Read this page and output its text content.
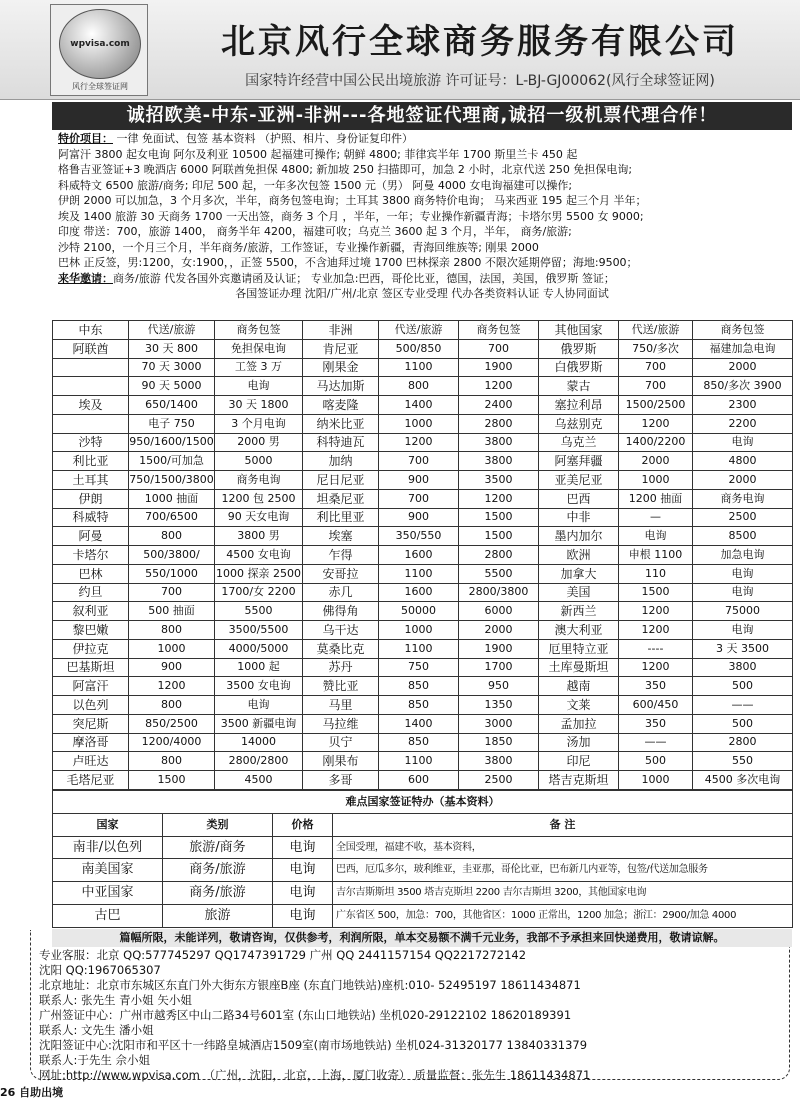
wpvisa.com
风行全球签证网
北京风行全球商务服务有限公司
国家特许经营中国公民出境旅游 许可证号：L-BJ-GJ00062(风行全球签证网)
诚招欧美-中东-亚洲-非洲---各地签证代理商,诚招一级机票代理合作！
特价项目： 一律 免面试、包签 基本资料 （护照、相片、身份证复印件）
阿富汗 3800 起女电询 阿尔及利亚 10500 起福建可操作; 朝鲜 4800; 菲律宾半年 1700 斯里兰卡 450 起
格鲁吉亚签证+3 晚酒店 6000 阿联酋免担保 4800; 新加坡 250 扫描即可，加急 2 小时，北京代送 250 免担保电询;
科威特文 6500 旅游/商务; 印尼 500 起，一年多次包签 1500 元（男） 阿曼 4000 女电询福建可以操作;
伊朗 2000 可以加急，3 个月多次，半年，商务包签电询；土耳其 3800 商务特价电询； 马来西亚 195 起三个月 半年；
埃及 1400 旅游 30 天商务 1700 一天出签，商务 3 个月 ，半年，一年；专业操作新疆青海；卡塔尔男 5500 女 9000;
印度 带送：700，旅游 1400， 商务半年 4200，福建可收；乌克兰 3600 起 3 个月，半年， 商务/旅游;
沙特 2100，一个月三个月，半年商务/旅游，工作签证，专业操作新疆，青海回维族等; 刚果 2000
巴林 正反签，男:1200，女:1900，，正签 5500，不含迪拜过境 1700 巴林探亲 2800 不限次延期停留；海地:9500；
来华邀请：商务/旅游 代发各国外宾邀请函及认证； 专业加急:巴西，哥伦比亚，德国，法国，美国，俄罗斯 签证；
各国签证办理 沈阳/广州/北京 签区专业受理 代办各类资料认证 专人协同面试
中东	代送/旅游	商务包签	非洲	代送/旅游	商务包签	其他国家	代送/旅游	商务包签
阿联酋	30 天 800	免担保电询	肯尼亚	500/850	700	俄罗斯	750/多次	福建加急电询
	70 天 3000	工签 3 万	刚果金	1100	1900	白俄罗斯	700	2000
	90 天 5000	电询	马达加斯	800	1200	蒙古	700	850/多次 3900
埃及	650/1400	30 天 1800	喀麦隆	1400	2400	塞拉利昂	1500/2500	2300
	电子 750	3 个月电询	纳米比亚	1000	2800	乌兹别克	1200	2200
沙特	950/1600/1500	2000 男	科特迪瓦	1200	3800	乌克兰	1400/2200	电询
利比亚	1500/可加急	5000	加纳	700	3800	阿塞拜疆	2000	4800
土耳其	750/1500/3800	商务电询	尼日尼亚	900	3500	亚美尼亚	1000	2000
伊朗	1000 抽面	1200 包 2500	坦桑尼亚	700	1200	巴西	1200 抽面	商务电询
科威特	700/6500	90 天女电询	利比里亚	900	1500	中非	—	2500
阿曼	800	3800 男	埃塞	350/550	1500	墨内加尔	电询	8500
卡塔尔	500/3800/	4500 女电询	乍得	1600	2800	欧洲	申根 1100	加急电询
巴林	550/1000	1000 探亲 2500	安哥拉	1100	5500	加拿大	110	电询
约旦	700	1700/女 2200	赤几	1600	2800/3800	美国	1500	电询
叙利亚	500 抽面	5500	佛得角	50000	6000	新西兰	1200	75000
黎巴嫩	800	3500/5500	乌干达	1000	2000	澳大利亚	1200	电询
伊拉克	1000	4000/5000	莫桑比克	1100	1900	厄里特立亚	----	3 天 3500
巴基斯坦	900	1000 起	苏丹	750	1700	土库曼斯坦	1200	3800
阿富汗	1200	3500 女电询	赞比亚	850	950	越南	350	500
以色列	800	电询	马里	850	1350	文莱	600/450	——
突尼斯	850/2500	3500 新疆电询	马拉维	1400	3000	孟加拉	350	500
摩洛哥	1200/4000	14000	贝宁	850	1850	汤加	——	2800
卢旺达	800	2800/2800	刚果布	1100	3800	印尼	500	550
毛塔尼亚	1500	4500	多哥	600	2500	塔吉克斯坦	1000	4500 多次电询
难点国家签证特办（基本资料）			
国家	类别	价格	备 注
南非/以色列	旅游/商务	电询	全国受理，福建不收，基本资料，
南美国家	商务/旅游	电询	巴西，厄瓜多尔，玻利维亚，圭亚那，哥伦比亚，巴布新几内亚等，包签/代送加急服务
中亚国家	商务/旅游	电询	吉尔吉斯斯坦 3500 塔吉克斯坦 2200 吉尔吉斯坦 3200，其他国家电询
古巴	旅游	电询	广东省区 500，加急：700，其他省区：1000 正常出，1200 加急；浙江：2900/加急 4000
专业客服：北京 QQ:577745297 QQ1747391729 广州 QQ 2441157154 QQ2217272142
沈阳 QQ:1967065307
北京地址：北京市东城区东直门外大街东方银座B座 (东直门地铁站)座机:010- 52495197 18611434871
联系人: 张先生 青小姐 矢小姐
广州签证中心：广州市越秀区中山二路34号601室 (东山口地铁站) 坐机020-29122102 18620189391
联系人: 文先生 潘小姐
沈阳签证中心:沈阳市和平区十一纬路皇城酒店1509室(南市场地铁站) 坐机024-31320177 13840331379
联系人:于先生 佘小姐
网址:http://www.wpvisa.com （广州，沈阳，北京，上海，厦门收寄） 质量监督：张先生 18611434871
篇幅所限，未能详列，敬请咨询，仅供参考，利润所限，单本交易额不满千元业务，我部不予承担来回快递费用，敬请谅解。
26 自助出境
